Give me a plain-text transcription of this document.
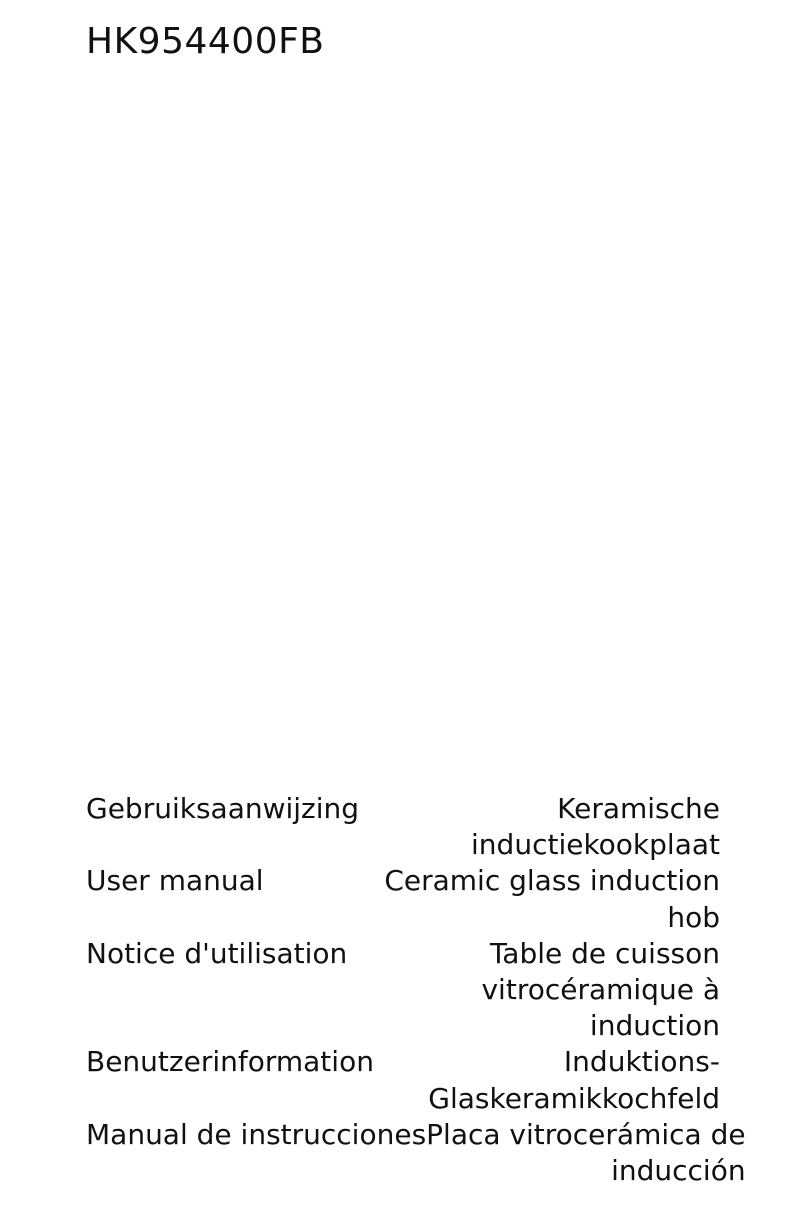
HK954400FB
Gebruiksaanwijzing	Keramische
inductiekookplaat
User manual	Ceramic glass induction
hob
Notice d'utilisation	Table de cuisson
vitrocéramique à
induction
Benutzerinformation	Induktions-
Glaskeramikkochfeld
Manual de instrucciones Placa vitrocerámica de
inducción
